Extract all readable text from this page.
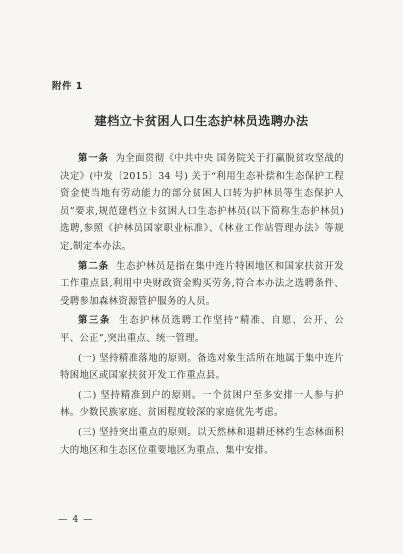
附件 1
建档立卡贫困人口生态护林员选聘办法

第一条 为全面贯彻《中共中央 国务院关于打赢脱贫攻坚战的决定》(中发〔2015〕34 号) 关于“利用生态补偿和生态保护工程资金使当地有劳动能力的部分贫困人口转为护林员等生态保护人员”要求,规范建档立卡贫困人口生态护林员(以下简称生态护林员) 选聘,参照《护林员国家职业标准》、《林业工作站管理办法》等规定,制定本办法。

第二条 生态护林员是指在集中连片特困地区和国家扶贫开发工作重点县,利用中央财政资金购买劳务,符合本办法之选聘条件、受聘参加森林资源管护服务的人员。

第三条 生态护林员选聘工作坚持“精准、自愿、公开、公平、公正”,突出重点、统一管理。

(一) 坚持精准落地的原则。备选对象生活所在地属于集中连片特困地区或国家扶贫开发工作重点县。

(二) 坚持精准到户的原则。一个贫困户至多安排一人参与护林。少数民族家庭、贫困程度较深的家庭优先考虑。

(三) 坚持突出重点的原则。以天然林和退耕还林约生态林面积大的地区和生态区位重要地区为重点、集中安排。

— 4 —
